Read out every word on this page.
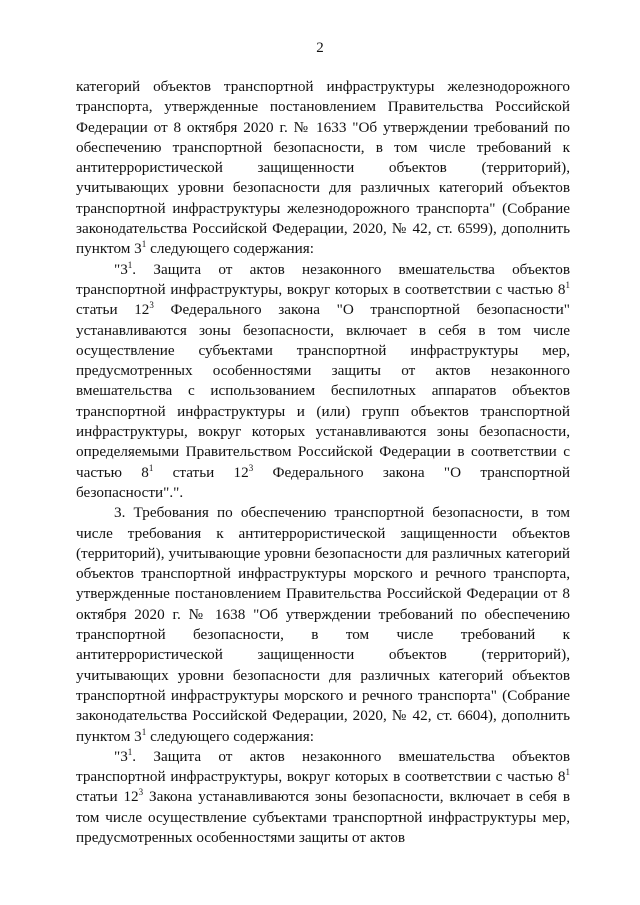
2

категорий объектов транспортной инфраструктуры железнодорожного транспорта, утвержденные постановлением Правительства Российской Федерации от 8 октября 2020 г. № 1633 "Об утверждении требований по обеспечению транспортной безопасности, в том числе требований к антитеррористической защищенности объектов (территорий), учитывающих уровни безопасности для различных категорий объектов транспортной инфраструктуры железнодорожного транспорта" (Собрание законодательства Российской Федерации, 2020, № 42, ст. 6599), дополнить пунктом $3^1$ следующего содержания:

"$3^1$. Защита от актов незаконного вмешательства объектов транспортной инфраструктуры, вокруг которых в соответствии с частью $8^1$ статьи $12^3$ Федерального закона "О транспортной безопасности" устанавливаются зоны безопасности, включает в себя в том числе осуществление субъектами транспортной инфраструктуры мер, предусмотренных особенностями защиты от актов незаконного вмешательства с использованием беспилотных аппаратов объектов транспортной инфраструктуры и (или) групп объектов транспортной инфраструктуры, вокруг которых устанавливаются зоны безопасности, определяемыми Правительством Российской Федерации в соответствии с частью $8^1$ статьи $12^3$ Федерального закона "О транспортной безопасности".".

3. Требования по обеспечению транспортной безопасности, в том числе требования к антитеррористической защищенности объектов (территорий), учитывающие уровни безопасности для различных категорий объектов транспортной инфраструктуры морского и речного транспорта, утвержденные постановлением Правительства Российской Федерации от 8 октября 2020 г. № 1638 "Об утверждении требований по обеспечению транспортной безопасности, в том числе требований к антитеррористической защищенности объектов (территорий), учитывающих уровни безопасности для различных категорий объектов транспортной инфраструктуры морского и речного транспорта" (Собрание законодательства Российской Федерации, 2020, № 42, ст. 6604), дополнить пунктом $3^1$ следующего содержания:

"$3^1$. Защита от актов незаконного вмешательства объектов транспортной инфраструктуры, вокруг которых в соответствии с частью $8^1$ статьи $12^3$ Закона устанавливаются зоны безопасности, включает в себя в том числе осуществление субъектами транспортной инфраструктуры мер, предусмотренных особенностями защиты от актов
